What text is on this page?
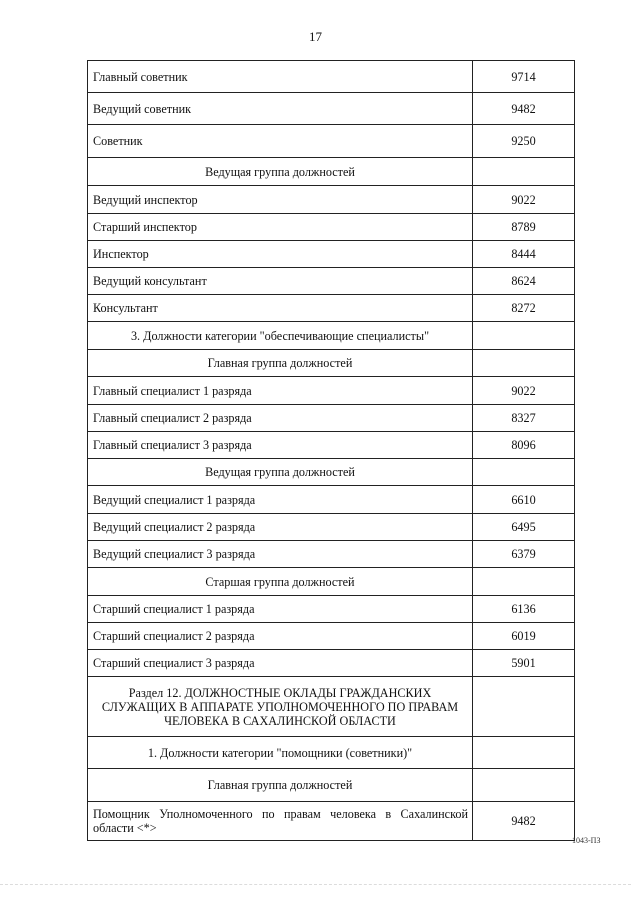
17
Главный советник	9714
Ведущий советник	9482
Советник	9250
Ведущая группа должностей	
Ведущий инспектор	9022
Старший инспектор	8789
Инспектор	8444
Ведущий консультант	8624
Консультант	8272
3. Должности категории "обеспечивающие специалисты"	
Главная группа должностей	
Главный специалист 1 разряда	9022
Главный специалист 2 разряда	8327
Главный специалист 3 разряда	8096
Ведущая группа должностей	
Ведущий специалист 1 разряда	6610
Ведущий специалист 2 разряда	6495
Ведущий специалист 3 разряда	6379
Старшая группа должностей	
Старший специалист 1 разряда	6136
Старший специалист 2 разряда	6019
Старший специалист 3 разряда	5901
Раздел 12. ДОЛЖНОСТНЫЕ ОКЛАДЫ ГРАЖДАНСКИХ СЛУЖАЩИХ В АППАРАТЕ УПОЛНОМОЧЕННОГО ПО ПРАВАМ ЧЕЛОВЕКА В САХАЛИНСКОЙ ОБЛАСТИ	
1. Должности категории "помощники (советники)"	
Главная группа должностей	
Помощник Уполномоченного по правам человека в Сахалинской области <*>	9482
1043-ПЗ
